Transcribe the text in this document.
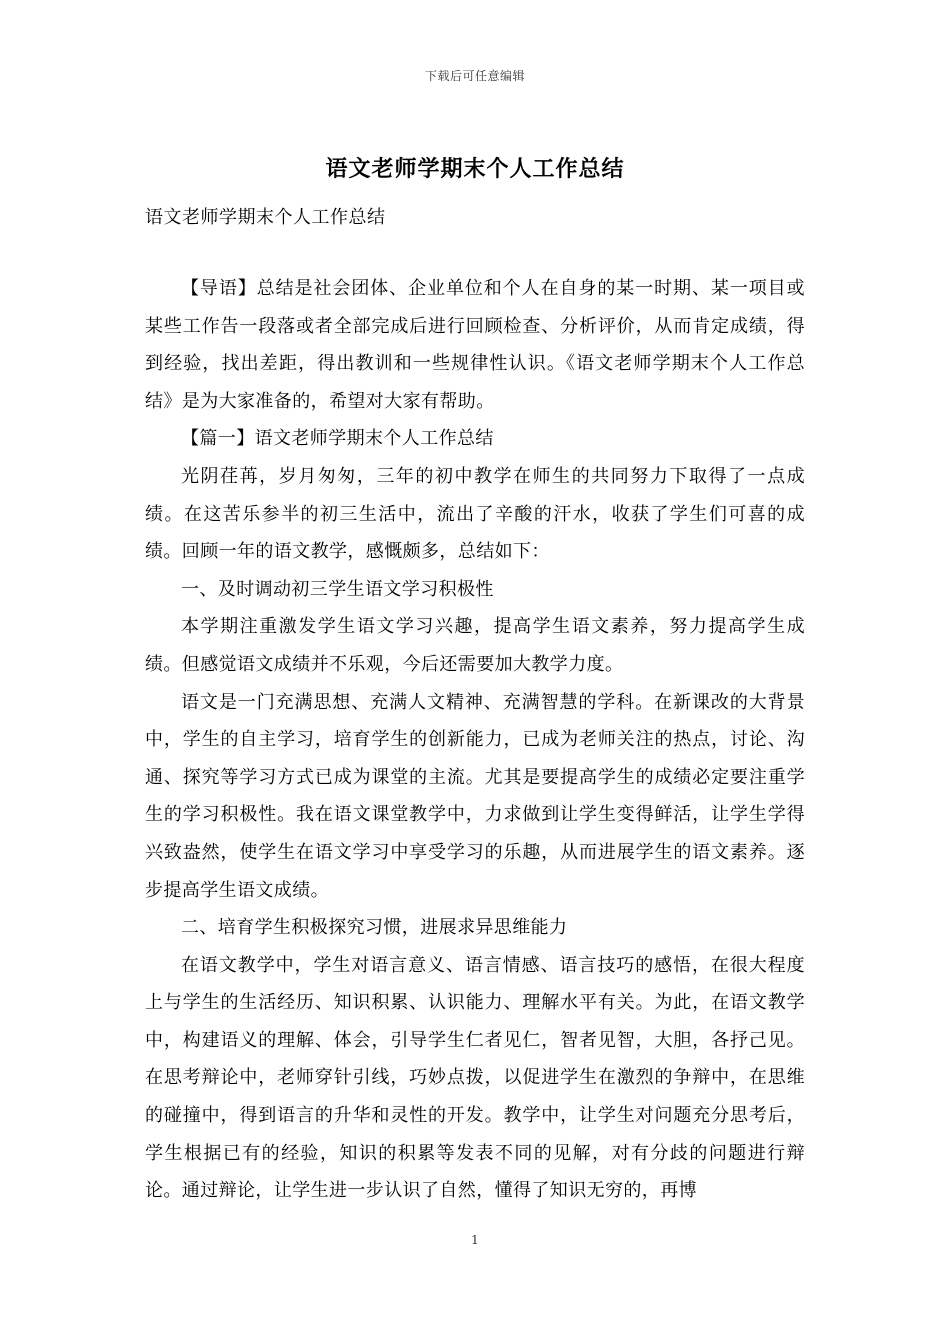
下载后可任意编辑
语文老师学期末个人工作总结
语文老师学期末个人工作总结

【导语】总结是社会团体、企业单位和个人在自身的某一时期、某一项目或某些工作告一段落或者全部完成后进行回顾检查、分析评价，从而肯定成绩，得到经验，找出差距，得出教训和一些规律性认识。《语文老师学期末个人工作总结》是为大家准备的，希望对大家有帮助。

【篇一】语文老师学期末个人工作总结

光阴荏苒，岁月匆匆，三年的初中教学在师生的共同努力下取得了一点成绩。在这苦乐参半的初三生活中，流出了辛酸的汗水，收获了学生们可喜的成绩。回顾一年的语文教学，感慨颇多，总结如下：

一、及时调动初三学生语文学习积极性

本学期注重激发学生语文学习兴趣，提高学生语文素养，努力提高学生成绩。但感觉语文成绩并不乐观，今后还需要加大教学力度。

语文是一门充满思想、充满人文精神、充满智慧的学科。在新课改的大背景中，学生的自主学习，培育学生的创新能力，已成为老师关注的热点，讨论、沟通、探究等学习方式已成为课堂的主流。尤其是要提高学生的成绩必定要注重学生的学习积极性。我在语文课堂教学中，力求做到让学生变得鲜活，让学生学得兴致盎然，使学生在语文学习中享受学习的乐趣，从而进展学生的语文素养。逐步提高学生语文成绩。

二、培育学生积极探究习惯，进展求异思维能力

在语文教学中，学生对语言意义、语言情感、语言技巧的感悟，在很大程度上与学生的生活经历、知识积累、认识能力、理解水平有关。为此，在语文教学中，构建语义的理解、体会，引导学生仁者见仁，智者见智，大胆，各抒己见。在思考辩论中，老师穿针引线，巧妙点拨，以促进学生在激烈的争辩中，在思维的碰撞中，得到语言的升华和灵性的开发。教学中，让学生对问题充分思考后，学生根据已有的经验，知识的积累等发表不同的见解，对有分歧的问题进行辩论。通过辩论，让学生进一步认识了自然，懂得了知识无穷的，再博

1
